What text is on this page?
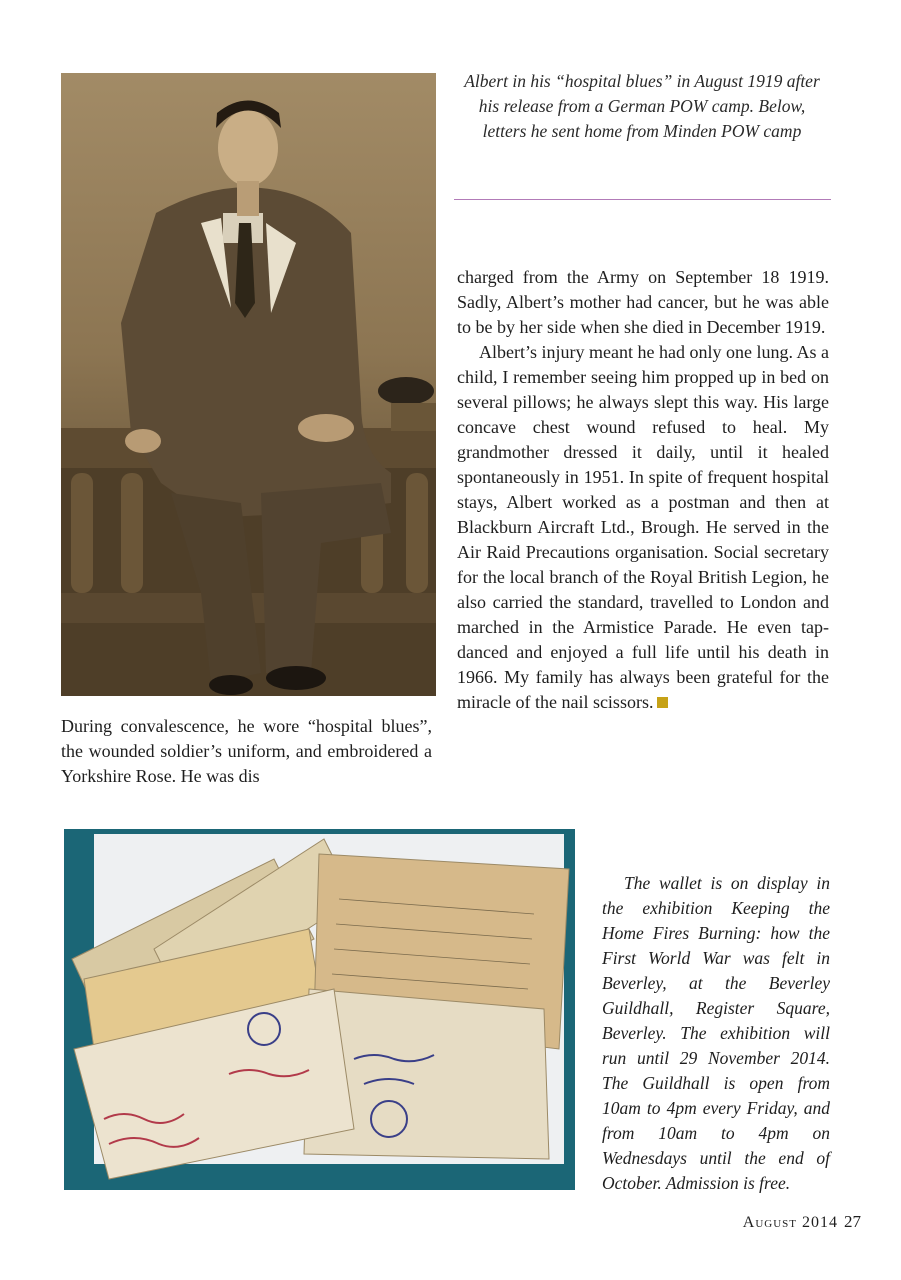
Albert in his “hospital blues” in August 1919 after his release from a German POW camp. Below, letters he sent home from Minden POW camp

charged from the Army on September 18 1919. Sadly, Albert’s mother had cancer, but he was able to be by her side when she died in December 1919.

Albert’s injury meant he had only one lung. As a child, I remember seeing him propped up in bed on several pillows; he always slept this way. His large concave chest wound refused to heal. My grandmother dressed it daily, until it healed spontaneously in 1951. In spite of frequent hospital stays, Albert worked as a postman and then at Blackburn Aircraft Ltd., Brough. He served in the Air Raid Precautions organisation. Social secretary for the local branch of the Royal British Legion, he also carried the standard, travelled to London and marched in the Armistice Parade. He even tap-danced and enjoyed a full life until his death in 1966. My family has always been grateful for the miracle of the nail scissors.

During convalescence, he wore “hospital blues”, the wounded soldier’s uniform, and embroidered a Yorkshire Rose. He was dis

The wallet is on display in the exhibition Keeping the Home Fires Burning: how the First World War was felt in Beverley, at the Beverley Guildhall, Register Square, Beverley. The exhibition will run until 29 November 2014. The Guildhall is open from 10am to 4pm every Friday, and from 10am to 4pm on Wednesdays until the end of October. Admission is free.
August 2014 27
